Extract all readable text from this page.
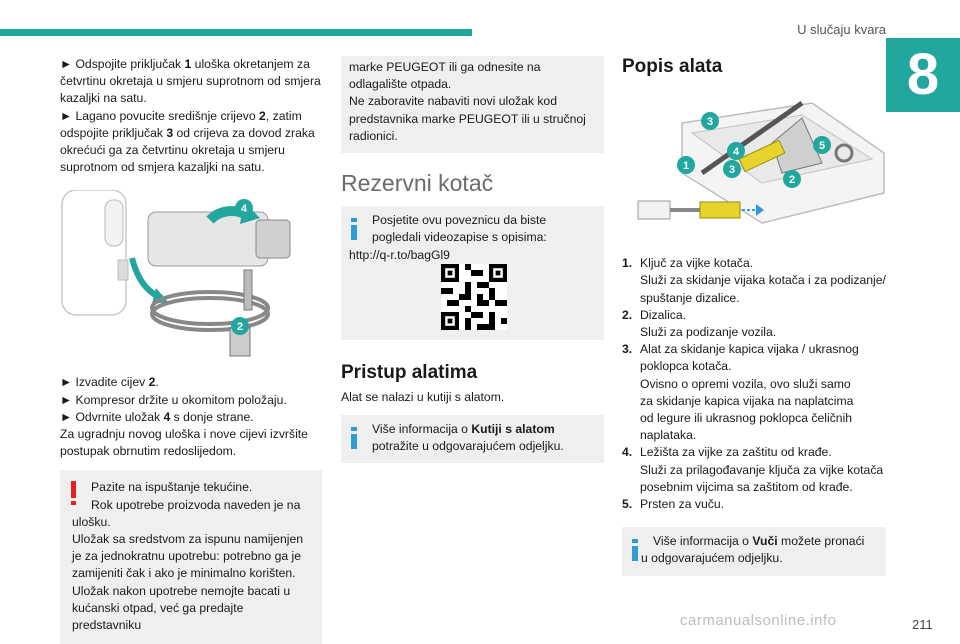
U slučaju kvara
8

► Odspojite priključak 1 uloška okretanjem za četvrtinu okretaja u smjeru suprotnom od smjera kazaljki na satu.

► Lagano povucite središnje crijevo 2, zatim odspojite priključak 3 od crijeva za dovod zraka okrećući ga za četvrtinu okretaja u smjeru suprotnom od smjera kazaljki na satu.

4
2

► Izvadite cijev 2.

► Kompresor držite u okomitom položaju.

► Odvrnite uložak 4 s donje strane.

Za ugradnju novog uloška i nove cijevi izvršite postupak obrnutim redoslijedom.

Pazite na ispuštanje tekućine.

Rok upotrebe proizvoda naveden je na

ulošku.

Uložak sa sredstvom za ispunu namijenjen

je za jednokratnu upotrebu: potrebno ga je

zamijeniti čak i ako je minimalno korišten.

Uložak nakon upotrebe nemojte bacati u

kućanski otpad, već ga predajte predstavniku

marke PEUGEOT ili ga odnesite na

odlagalište otpada.

Ne zaboravite nabaviti novi uložak kod

predstavnika marke PEUGEOT ili u stručnoj

radionici.

Rezervni kotač

Posjetite ovu poveznicu da biste

pogledali videozapise s opisima:

http://q-r.to/bagGl9

Pristup alatima

Alat se nalazi u kutiji s alatom.

Više informacija o Kutiji s alatom

potražite u odgovarajućem odjeljku.

Popis alata
3
4	5
1	3
2
1. Ključ za vijke kotača.

Služi za skidanje vijaka kotača i za podizanje/

spuštanje dizalice.

2. Dizalica.

Služi za podizanje vozila.

3. Alat za skidanje kapica vijaka / ukrasnog

poklopca kotača.

Ovisno o opremi vozila, ovo služi samo

za skidanje kapica vijaka na naplatcima

od legure ili ukrasnog poklopca čeličnih

naplataka.

4. Ležišta za vijke za zaštitu od krađe.

Služi za prilagođavanje ključa za vijke kotača

posebnim vijcima sa zaštitom od krađe.

5. Prsten za vuču.

Više informacija o Vuči možete pronaći

u odgovarajućem odjeljku.

carmanualsonline.info	211
